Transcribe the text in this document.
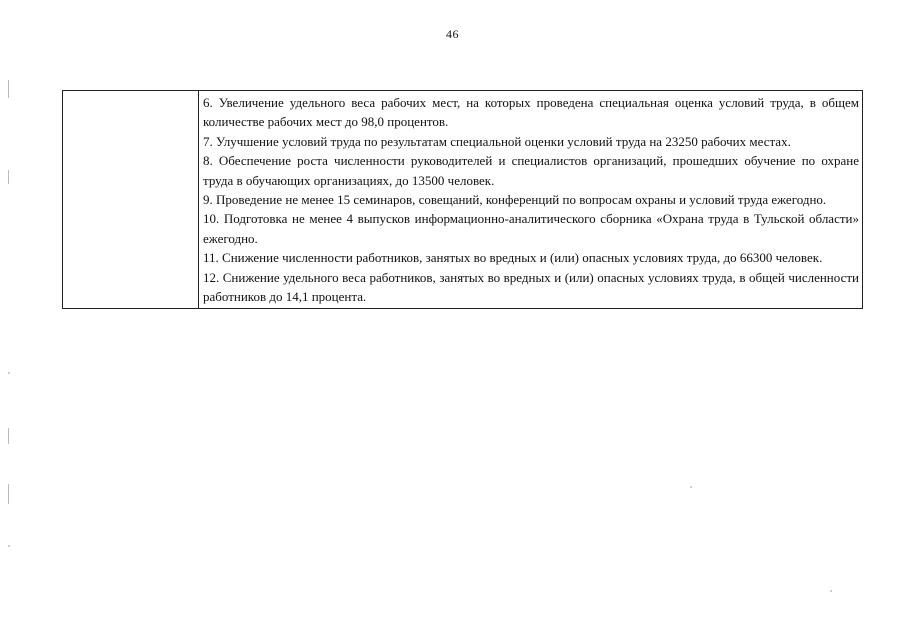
46

6. Увеличение удельного веса рабочих мест, на которых проведена специальная оценка условий труда, в общем количестве рабочих мест до 98,0 процентов.

7. Улучшение условий труда по результатам специальной оценки условий труда на 23250 рабочих местах.

8. Обеспечение роста численности руководителей и специалистов организаций, прошедших обучение по охране труда в обучающих организациях, до 13500 человек.

9. Проведение не менее 15 семинаров, совещаний, конференций по вопросам охраны и условий труда ежегодно.

10. Подготовка не менее 4 выпусков информационно-аналитического сборника «Охрана труда в Тульской области» ежегодно.

11. Снижение численности работников, занятых во вредных и (или) опасных условиях труда, до 66300 человек.

12. Снижение удельного веса работников, занятых во вредных и (или) опасных условиях труда, в общей численности работников до 14,1 процента.
